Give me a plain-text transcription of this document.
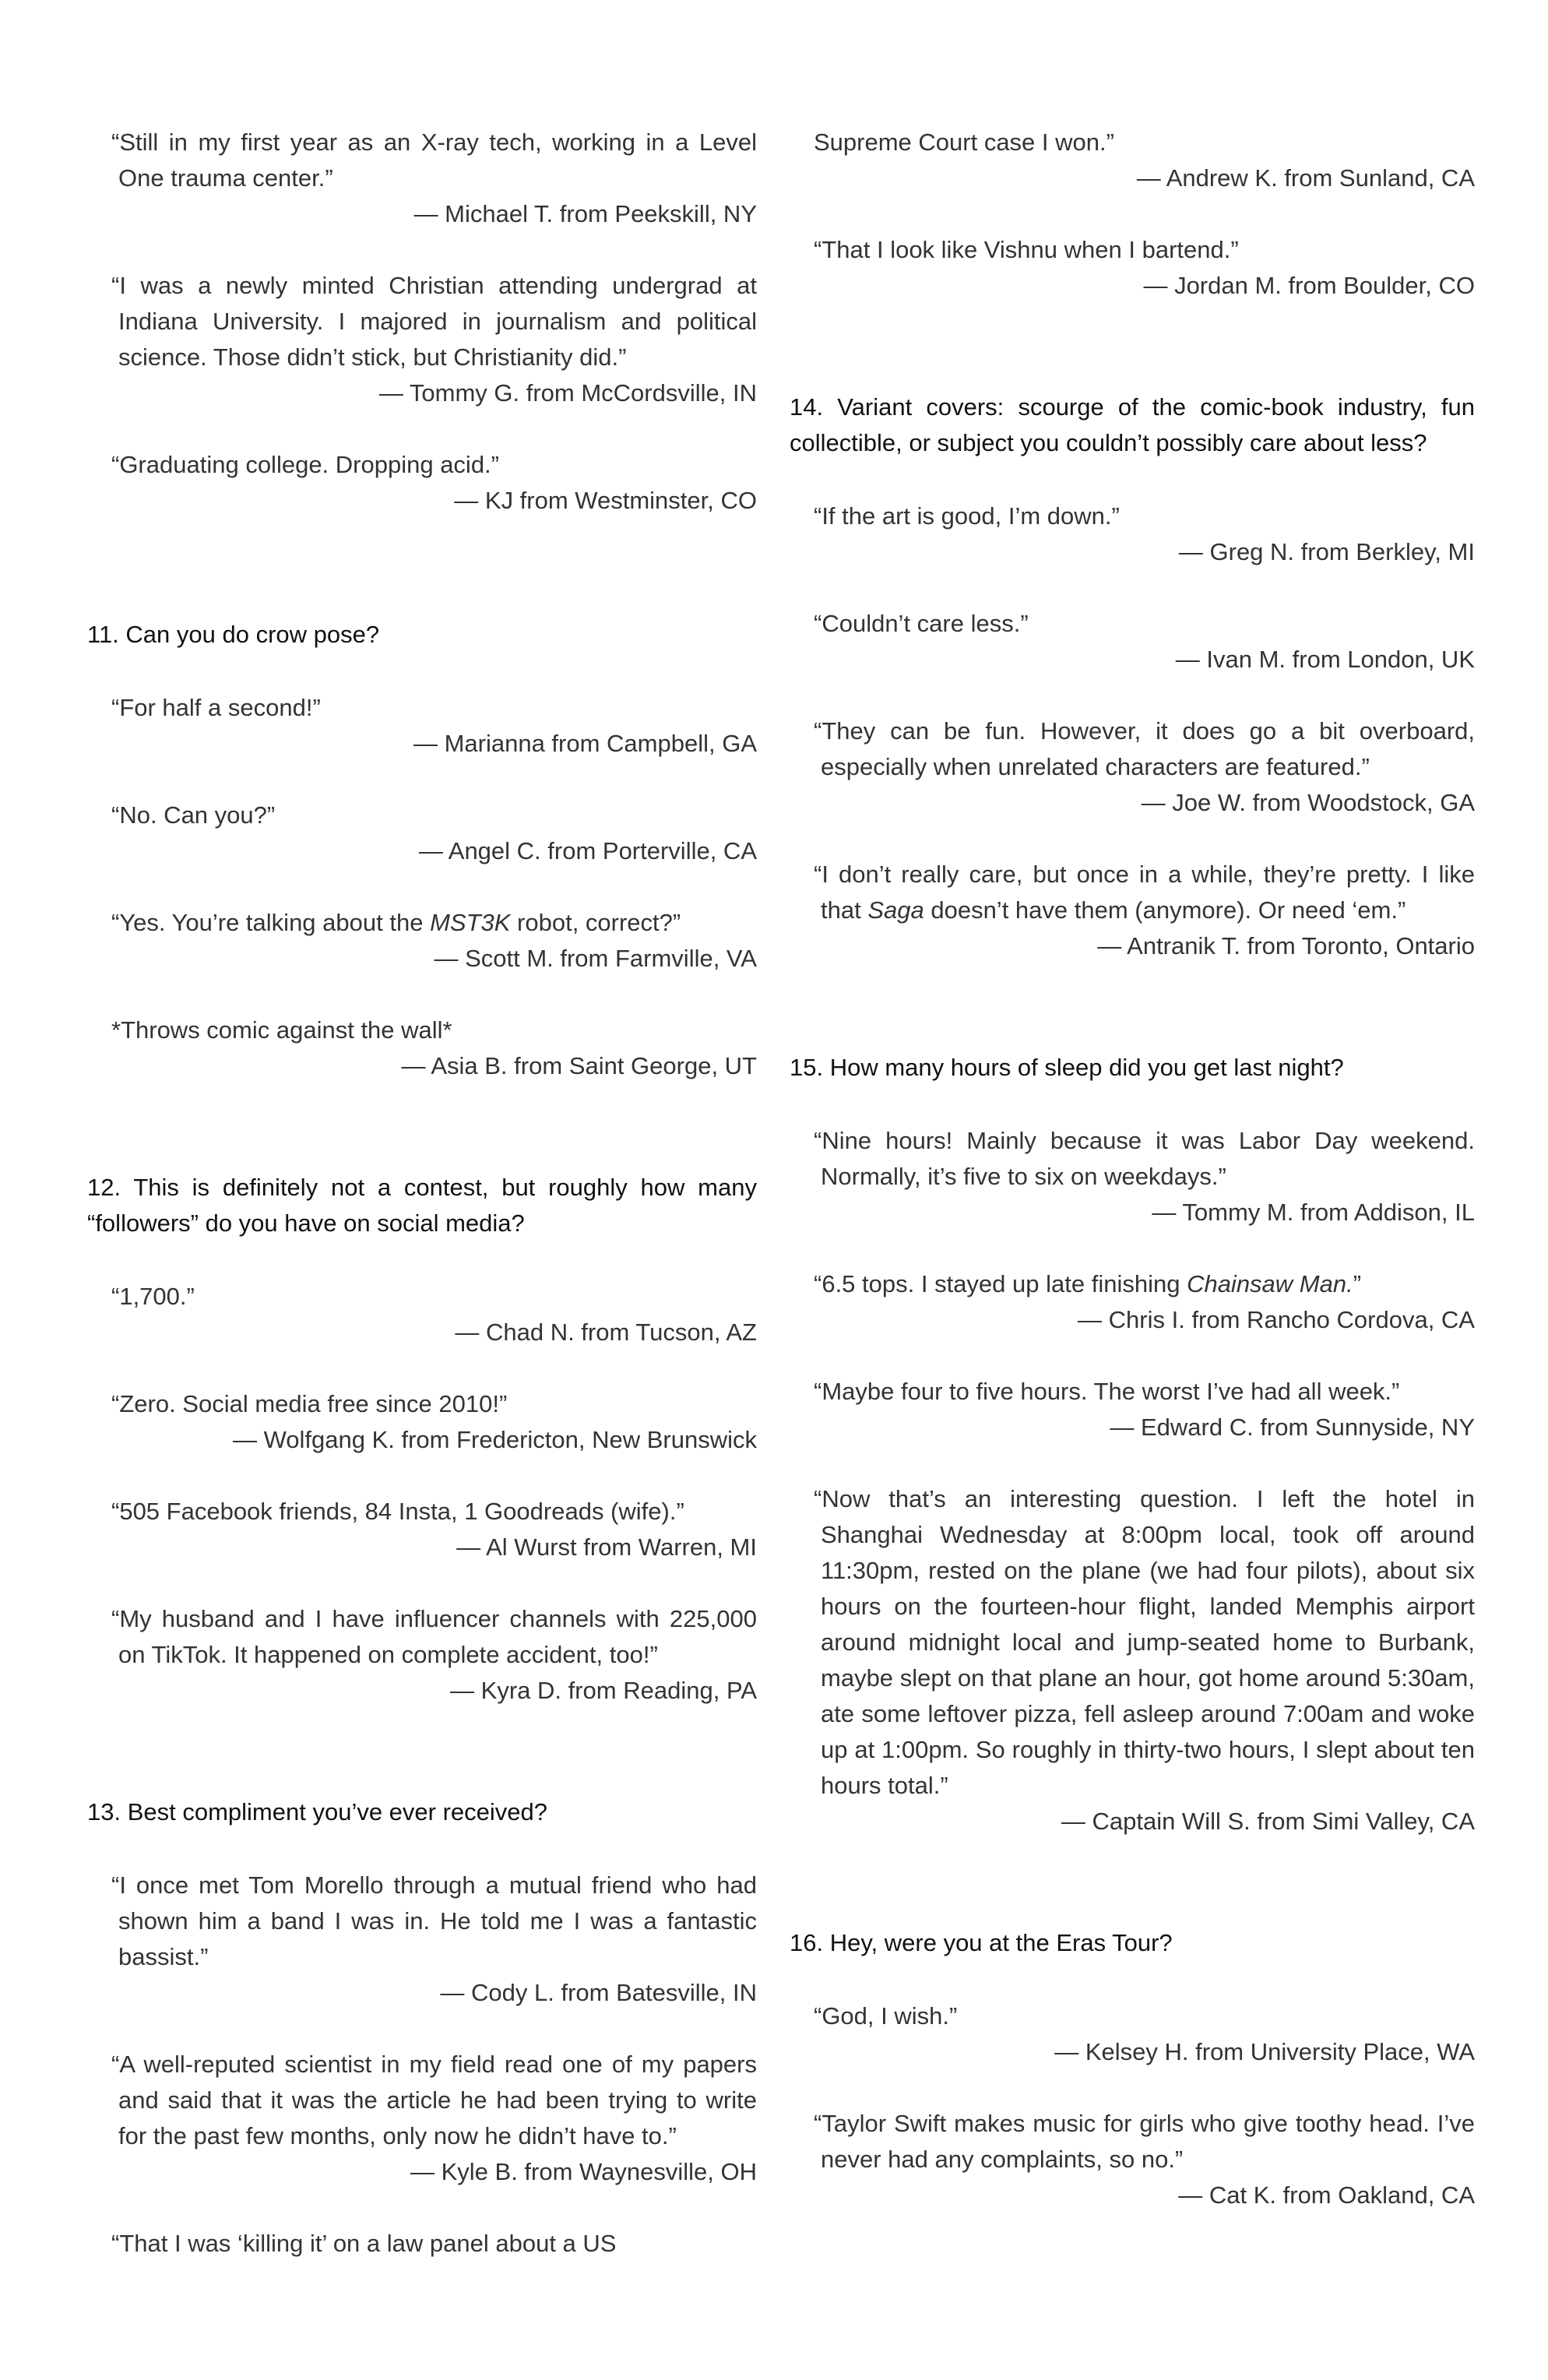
“Still in my first year as an X-ray tech, working in a Level One trauma center.”
— Michael T. from Peekskill, NY
“I was a newly minted Christian attending undergrad at Indiana University. I majored in journalism and political science. Those didn’t stick, but Christianity did.”
— Tommy G. from McCordsville, IN
“Graduating college. Dropping acid.”
— KJ from Westminster, CO
11. Can you do crow pose?
“For half a second!”
— Marianna from Campbell, GA
“No. Can you?”
— Angel C. from Porterville, CA
“Yes. You’re talking about the MST3K robot, correct?”
— Scott M. from Farmville, VA
*Throws comic against the wall*
— Asia B. from Saint George, UT
12. This is definitely not a contest, but roughly how many “followers” do you have on social media?
“1,700.”
— Chad N. from Tucson, AZ
“Zero. Social media free since 2010!”
— Wolfgang K. from Fredericton, New Brunswick
“505 Facebook friends, 84 Insta, 1 Goodreads (wife).”
— Al Wurst from Warren, MI
“My husband and I have influencer channels with 225,000 on TikTok. It happened on complete accident, too!”
— Kyra D. from Reading, PA
13. Best compliment you’ve ever received?
“I once met Tom Morello through a mutual friend who had shown him a band I was in. He told me I was a fantastic bassist.”
— Cody L. from Batesville, IN
“A well-reputed scientist in my field read one of my papers and said that it was the article he had been trying to write for the past few months, only now he didn’t have to.”
— Kyle B. from Waynesville, OH
“That I was ‘killing it’ on a law panel about a US
Supreme Court case I won.”
— Andrew K. from Sunland, CA
“That I look like Vishnu when I bartend.”
— Jordan M. from Boulder, CO
14. Variant covers: scourge of the comic-book industry, fun collectible, or subject you couldn’t possibly care about less?
“If the art is good, I’m down.”
— Greg N. from Berkley, MI
“Couldn’t care less.”
— Ivan M. from London, UK
“They can be fun. However, it does go a bit overboard, especially when unrelated characters are featured.”
— Joe W. from Woodstock, GA
“I don’t really care, but once in a while, they’re pretty. I like that Saga doesn’t have them (anymore). Or need ‘em.”
— Antranik T. from Toronto, Ontario
15. How many hours of sleep did you get last night?
“Nine hours! Mainly because it was Labor Day weekend. Normally, it’s five to six on weekdays.”
— Tommy M. from Addison, IL
“6.5 tops. I stayed up late finishing Chainsaw Man.”
— Chris I. from Rancho Cordova, CA
“Maybe four to five hours. The worst I’ve had all week.”
— Edward C. from Sunnyside, NY
“Now that’s an interesting question. I left the hotel in Shanghai Wednesday at 8:00pm local, took off around 11:30pm, rested on the plane (we had four pilots), about six hours on the fourteen-hour flight, landed Memphis airport around midnight local and jump-seated home to Burbank, maybe slept on that plane an hour, got home around 5:30am, ate some leftover pizza, fell asleep around 7:00am and woke up at 1:00pm. So roughly in thirty-two hours, I slept about ten hours total.”
— Captain Will S. from Simi Valley, CA
16. Hey, were you at the Eras Tour?
“God, I wish.”
— Kelsey H. from University Place, WA
“Taylor Swift makes music for girls who give toothy head. I’ve never had any complaints, so no.”
— Cat K. from Oakland, CA
